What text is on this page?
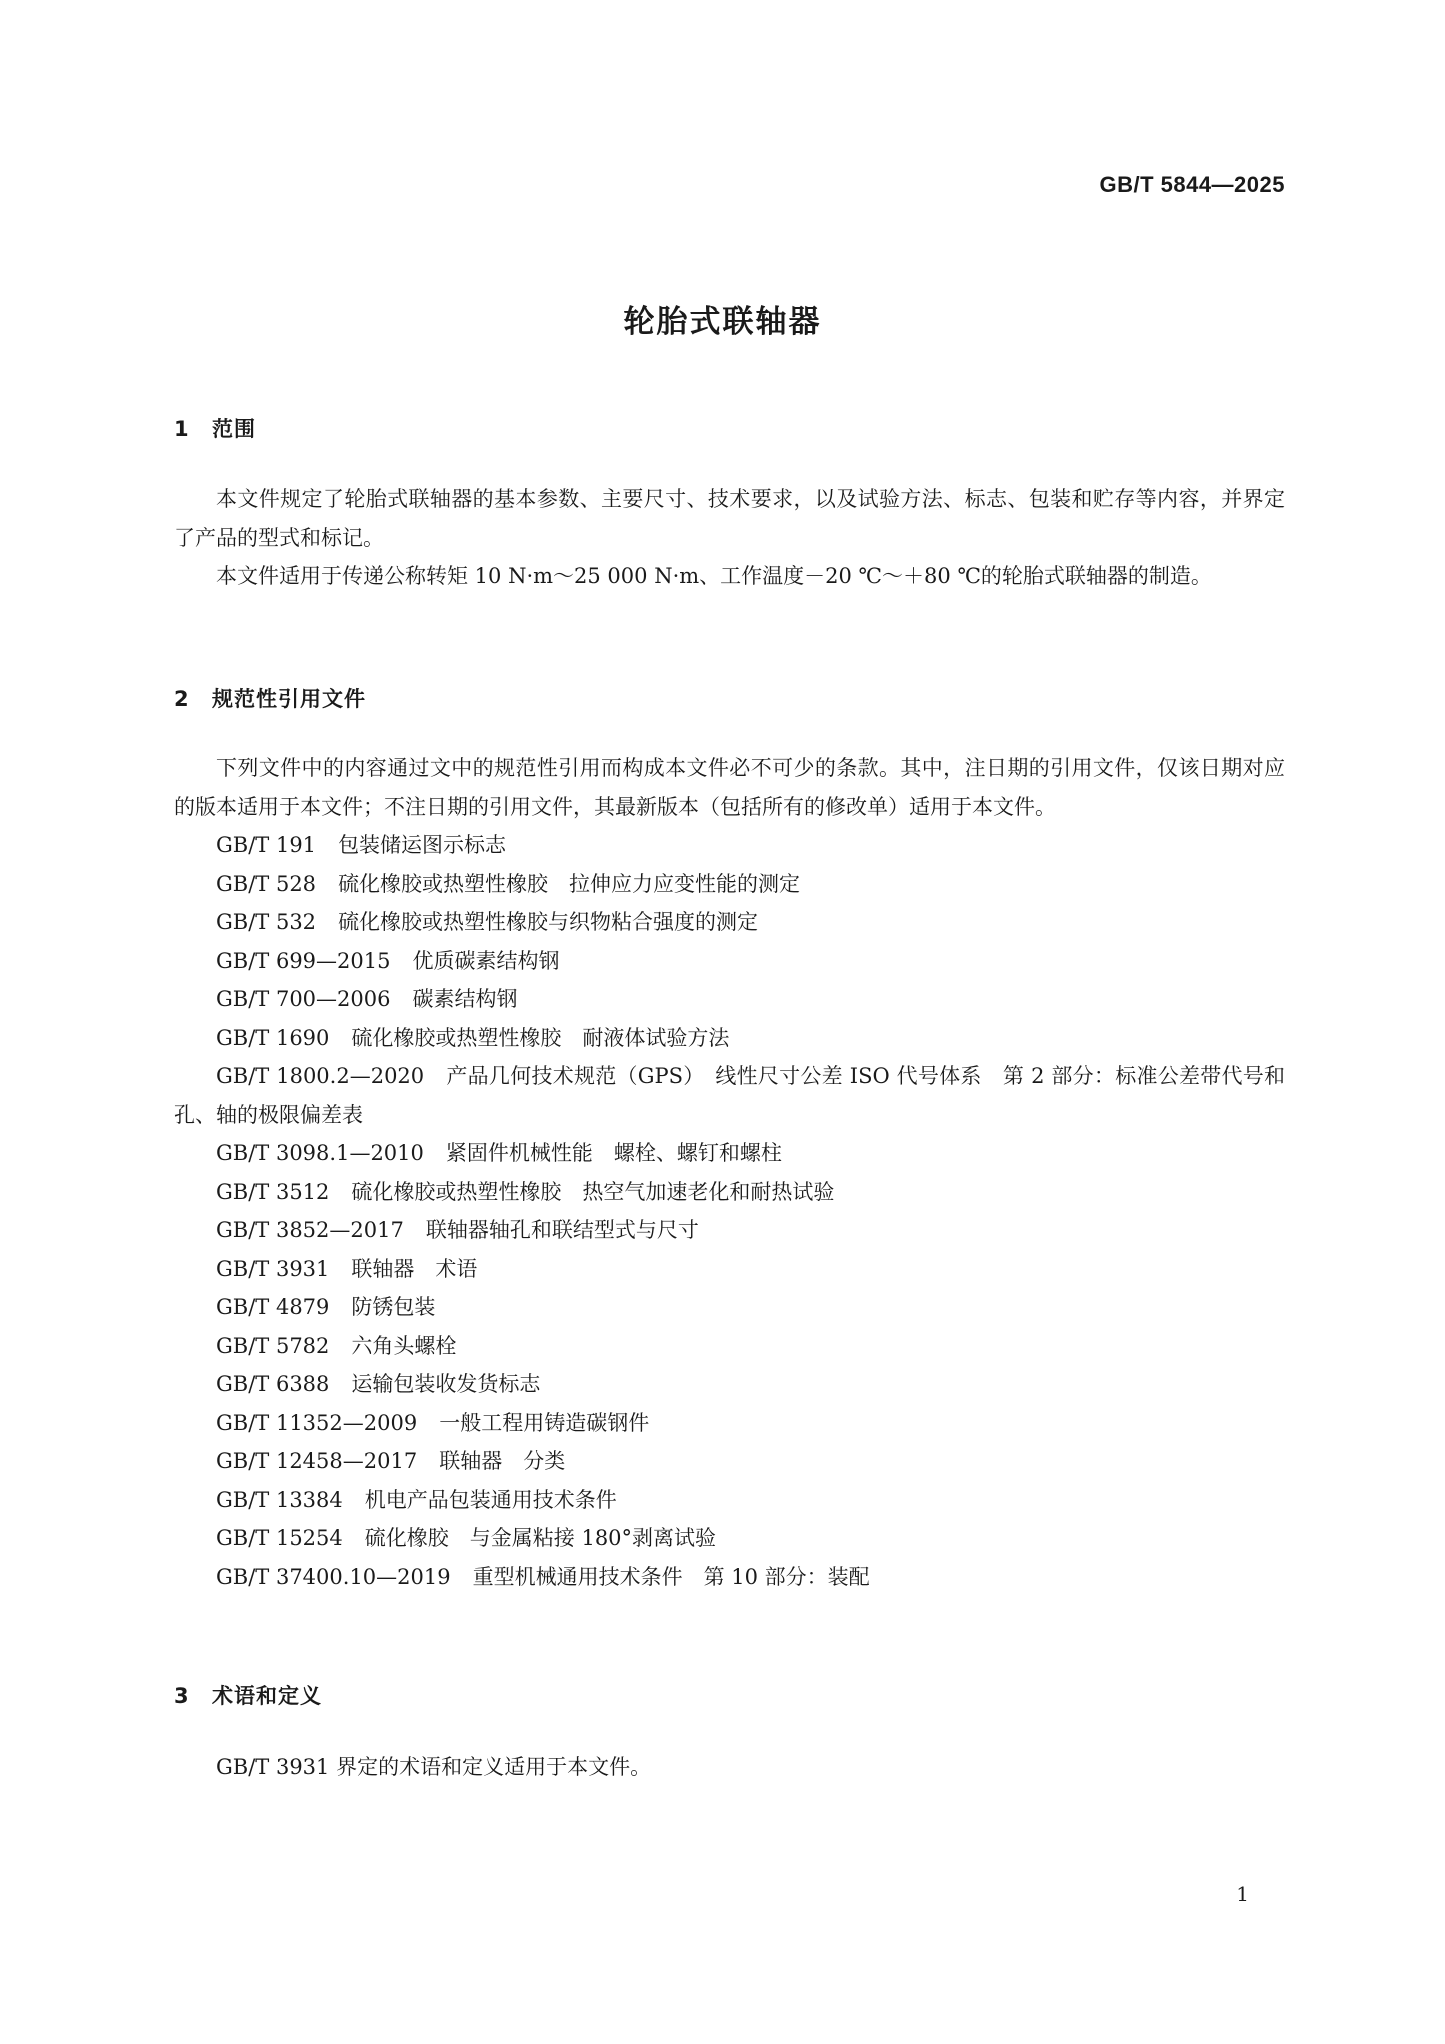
GB/T 5844—2025
轮胎式联轴器
1 范围

本文件规定了轮胎式联轴器的基本参数、主要尺寸、技术要求，以及试验方法、标志、包装和贮存等内容，并界定了产品的型式和标记。

本文件适用于传递公称转矩 10 N·m～25 000 N·m、工作温度－20 ℃～＋80 ℃的轮胎式联轴器的制造。

2 规范性引用文件

下列文件中的内容通过文中的规范性引用而构成本文件必不可少的条款。其中，注日期的引用文件，仅该日期对应的版本适用于本文件；不注日期的引用文件，其最新版本（包括所有的修改单）适用于本文件。

GB/T 191 包装储运图示标志
GB/T 528 硫化橡胶或热塑性橡胶　拉伸应力应变性能的测定
GB/T 532 硫化橡胶或热塑性橡胶与织物粘合强度的测定
GB/T 699—2015 优质碳素结构钢
GB/T 700—2006 碳素结构钢
GB/T 1690 硫化橡胶或热塑性橡胶　耐液体试验方法
GB/T 1800.2—2020 产品几何技术规范（GPS）　线性尺寸公差 ISO 代号体系　第 2 部分：标准公差带代号和孔、轴的极限偏差表
GB/T 3098.1—2010 紧固件机械性能　螺栓、螺钉和螺柱
GB/T 3512 硫化橡胶或热塑性橡胶　热空气加速老化和耐热试验
GB/T 3852—2017 联轴器轴孔和联结型式与尺寸
GB/T 3931 联轴器　术语
GB/T 4879 防锈包装
GB/T 5782 六角头螺栓
GB/T 6388 运输包装收发货标志
GB/T 11352—2009 一般工程用铸造碳钢件
GB/T 12458—2017 联轴器　分类
GB/T 13384 机电产品包装通用技术条件
GB/T 15254 硫化橡胶　与金属粘接 180°剥离试验
GB/T 37400.10—2019 重型机械通用技术条件　第 10 部分：装配
3 术语和定义

GB/T 3931 界定的术语和定义适用于本文件。

1
